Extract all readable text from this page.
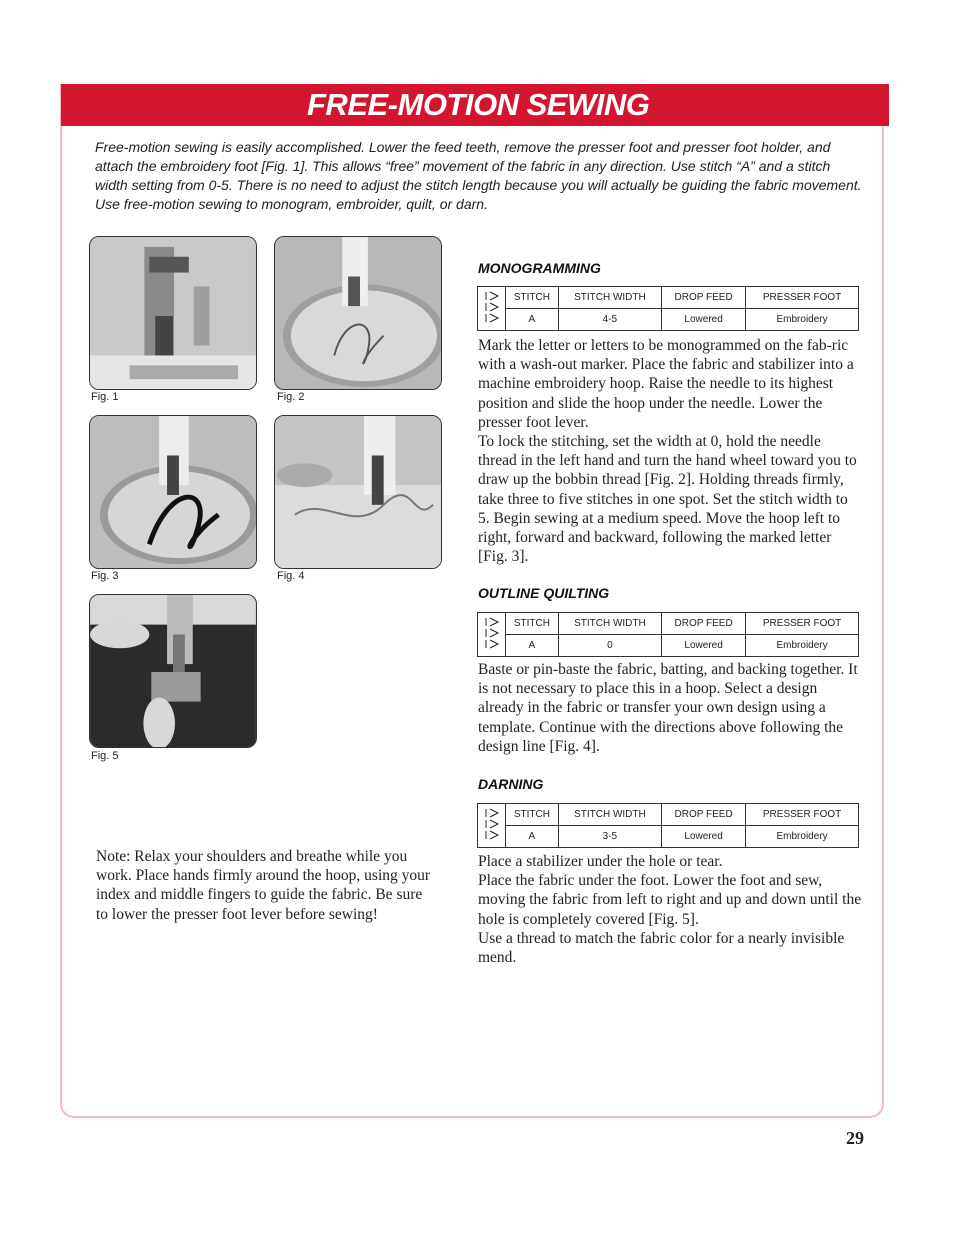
FREE-MOTION SEWING
Free-motion sewing is easily accomplished. Lower the feed teeth, remove the presser foot and presser foot holder, and attach the embroidery foot [Fig. 1]. This allows “free” movement of the fabric in any direction. Use stitch “A” and a stitch width setting from 0-5. There is no need to adjust the stitch length because you will actually be guiding the fabric movement. Use free-motion sewing to monogram, embroider, quilt, or darn.
Fig. 1	Fig. 2
Fig. 3	Fig. 4
Fig. 5
MONOGRAMMING
	STITCH	STITCH WIDTH	DROP FEED	PRESSER FOOT
	A	4-5	Lowered	Embroidery

Mark the letter or letters to be monogrammed on the fab-ric with a wash-out marker. Place the fabric and stabilizer into a machine embroidery hoop. Raise the needle to its highest position and slide the hoop under the needle. Lower the presser foot lever.

To lock the stitching, set the width at 0, hold the needle thread in the left hand and turn the hand wheel toward you to draw up the bobbin thread [Fig. 2]. Holding threads firmly, take three to five stitches in one spot. Set the stitch width to 5. Begin sewing at a medium speed. Move the hoop left to right, forward and backward, following the marked letter [Fig. 3].

OUTLINE QUILTING
	STITCH	STITCH WIDTH	DROP FEED	PRESSER FOOT
	A	0	Lowered	Embroidery

Baste or pin-baste the fabric, batting, and backing together. It is not necessary to place this in a hoop. Select a design already in the fabric or transfer your own design using a template. Continue with the directions above following the design line [Fig. 4].

DARNING
	STITCH	STITCH WIDTH	DROP FEED	PRESSER FOOT
	A	3-5	Lowered	Embroidery

Place a stabilizer under the hole or tear.

Place the fabric under the foot. Lower the foot and sew, moving the fabric from left to right and up and down until the hole is completely covered [Fig. 5].

Use a thread to match the fabric color for a nearly invisible mend.

Note: Relax your shoulders and breathe while you work. Place hands firmly around the hoop, using your index and middle fingers to guide the fabric. Be sure to lower the presser foot lever before sewing!
29
